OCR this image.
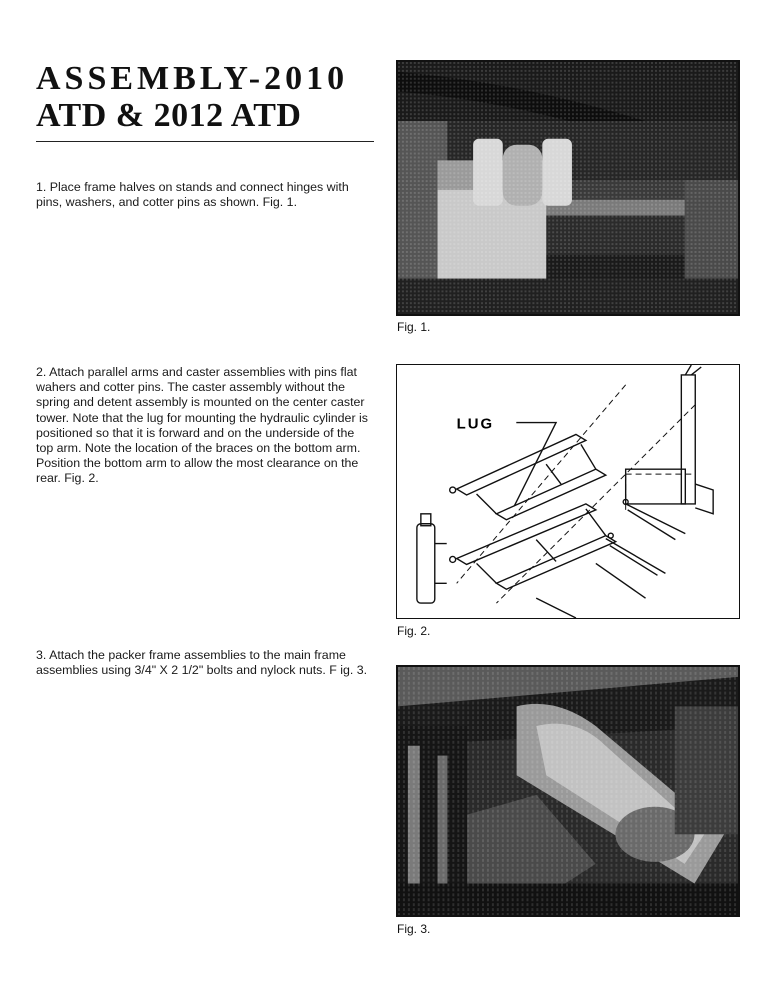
ASSEMBLY-2010
ATD & 2012 ATD

1. Place frame halves on stands and connect hinges with pins, washers, and cotter pins as shown. Fig. 1.

2. Attach parallel arms and caster assemblies with pins flat wahers and cotter pins. The caster assembly without the spring and detent assembly is mounted on the center caster tower. Note that the lug for mounting the hydraulic cylinder is positioned so that it is forward and on the underside of the top arm. Note the location of the braces on the bottom arm. Position the bottom arm to allow the most clearance on the rear. Fig. 2.

3. Attach the packer frame assemblies to the main frame assemblies using 3/4" X 2 1/2" bolts and nylock nuts. F ig. 3.

Fig. 1.

LUG

Fig. 2.

Fig. 3.
